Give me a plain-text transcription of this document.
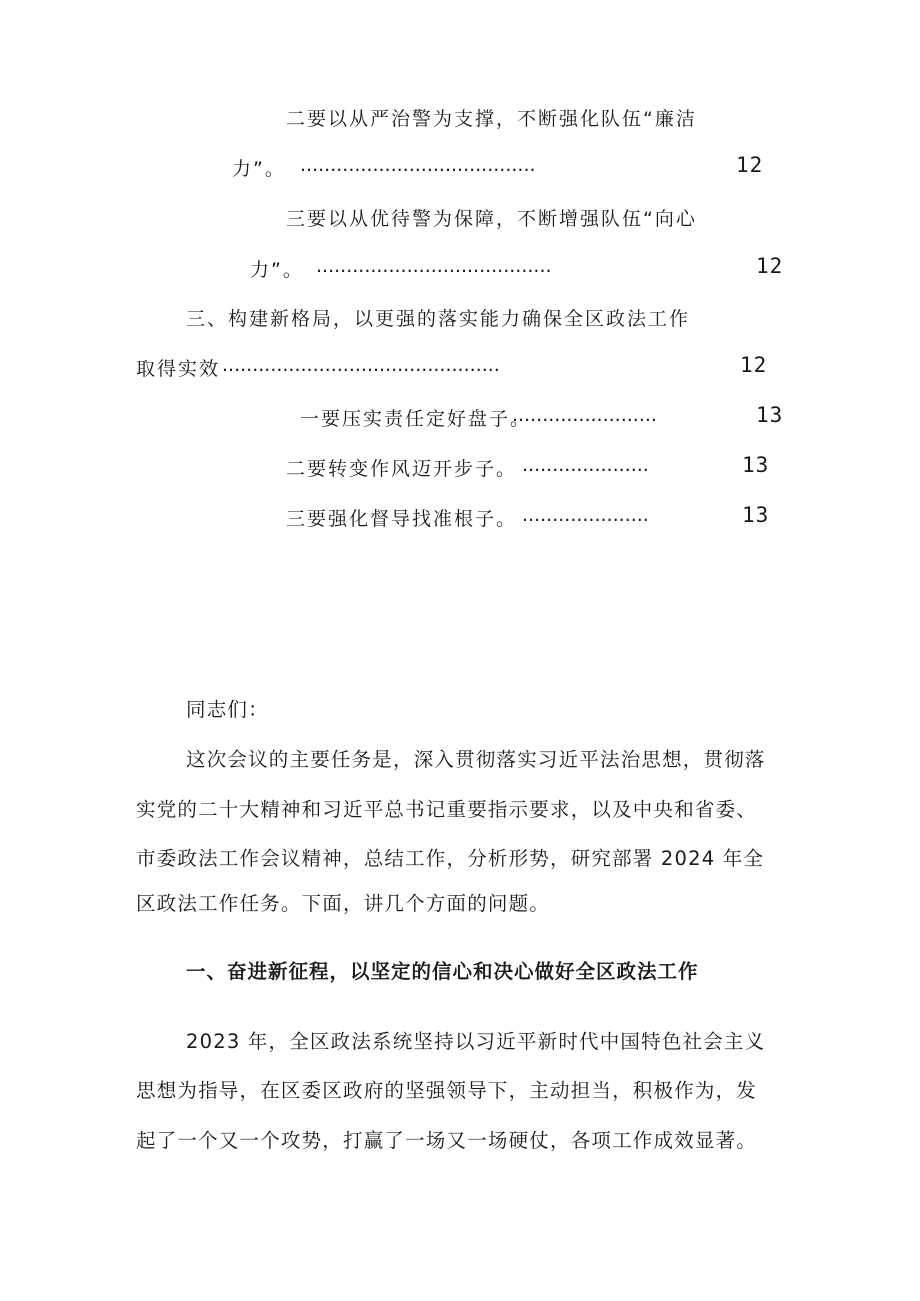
二要以从严治警为支撑，不断强化队伍“廉洁
力”。 .......................................	12
三要以从优待警为保障，不断增强队伍“向心
力”。 .......................................	12
三、构建新格局，以更强的落实能力确保全区政法工作
取得实效 ..............................................	12
一要压实责任定好盘子。
........................	13
二要转变作风迈开步子。 .....................	13
三要强化督导找准根子。 .....................	13
同志们：
这次会议的主要任务是，深入贯彻落实习近平法治思想，贯彻落
实党的二十大精神和习近平总书记重要指示要求，以及中央和省委、
市委政法工作会议精神，总结工作，分析形势，研究部署 2024 年全
区政法工作任务。下面，讲几个方面的问题。
一、奋进新征程，以坚定的信心和决心做好全区政法工作
2023 年，全区政法系统坚持以习近平新时代中国特色社会主义
思想为指导，在区委区政府的坚强领导下，主动担当，积极作为，发
起了一个又一个攻势，打赢了一场又一场硬仗，各项工作成效显著。
